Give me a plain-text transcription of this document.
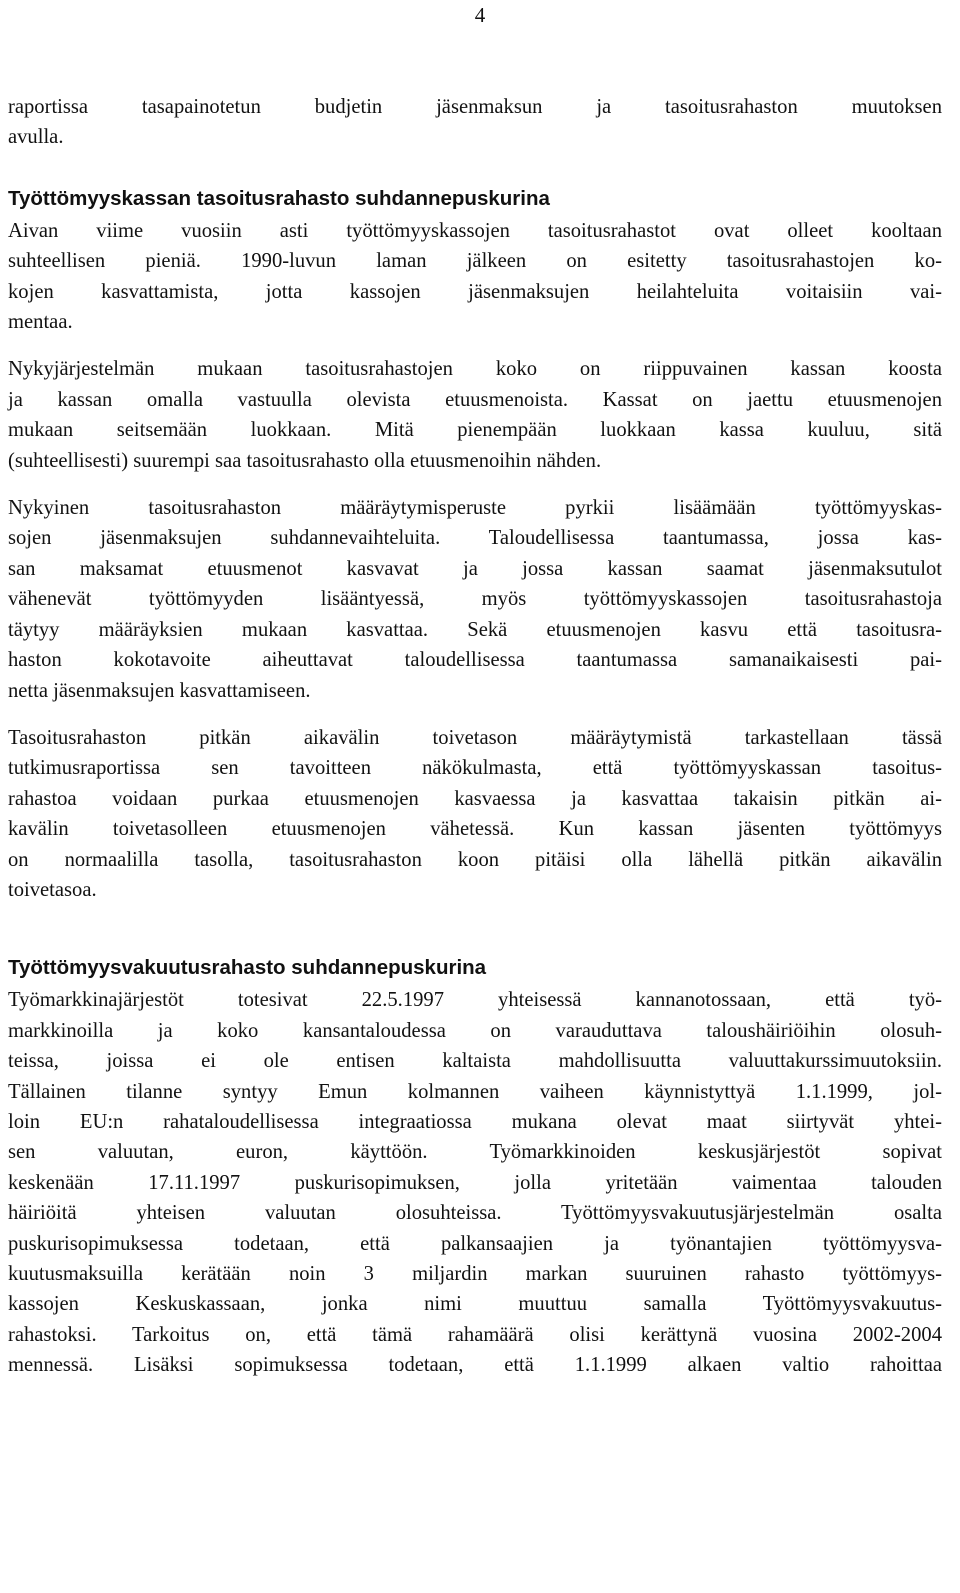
4

raportissa tasapainotetun budjetin jäsenmaksun ja tasoitusrahaston muutoksen
avulla.

Työttömyyskassan tasoitusrahasto suhdannepuskurina

Aivan viime vuosiin asti työttömyyskassojen tasoitusrahastot ovat olleet kooltaan
suhteellisen pieniä. 1990-luvun laman jälkeen on esitetty tasoitusrahastojen ko-
kojen kasvattamista, jotta kassojen jäsenmaksujen heilahteluita voitaisiin vai-
mentaa.

Nykyjärjestelmän mukaan tasoitusrahastojen koko on riippuvainen kassan koosta
ja kassan omalla vastuulla olevista etuusmenoista. Kassat on jaettu etuusmenojen
mukaan seitsemään luokkaan. Mitä pienempään luokkaan kassa kuuluu, sitä
(suhteellisesti) suurempi saa tasoitusrahasto olla etuusmenoihin nähden.

Nykyinen tasoitusrahaston määräytymisperuste pyrkii lisäämään työttömyyskas-
sojen jäsenmaksujen suhdannevaihteluita. Taloudellisessa taantumassa, jossa kas-
san maksamat etuusmenot kasvavat ja jossa kassan saamat jäsenmaksutulot
vähenevät työttömyyden lisääntyessä, myös työttömyyskassojen tasoitusrahastoja
täytyy määräyksien mukaan kasvattaa. Sekä etuusmenojen kasvu että tasoitusra-
haston kokotavoite aiheuttavat taloudellisessa taantumassa samanaikaisesti pai-
netta jäsenmaksujen kasvattamiseen.

Tasoitusrahaston pitkän aikavälin toivetason määräytymistä tarkastellaan tässä
tutkimusraportissa sen tavoitteen näkökulmasta, että työttömyyskassan tasoitus-
rahastoa voidaan purkaa etuusmenojen kasvaessa ja kasvattaa takaisin pitkän ai-
kavälin toivetasolleen etuusmenojen vähetessä. Kun kassan jäsenten työttömyys
on normaalilla tasolla, tasoitusrahaston koon pitäisi olla lähellä pitkän aikavälin
toivetasoa.

Työttömyysvakuutusrahasto suhdannepuskurina

Työmarkkinajärjestöt totesivat 22.5.1997 yhteisessä kannanotossaan, että työ-
markkinoilla ja koko kansantaloudessa on varauduttava taloushäiriöihin olosuh-
teissa, joissa ei ole entisen kaltaista mahdollisuutta valuuttakurssimuutoksiin.
Tällainen tilanne syntyy Emun kolmannen vaiheen käynnistyttyä 1.1.1999, jol-
loin EU:n rahataloudellisessa integraatiossa mukana olevat maat siirtyvät yhtei-
sen valuutan, euron, käyttöön. Työmarkkinoiden keskusjärjestöt sopivat
keskenään 17.11.1997 puskurisopimuksen, jolla yritetään vaimentaa talouden
häiriöitä yhteisen valuutan olosuhteissa. Työttömyysvakuutusjärjestelmän osalta
puskurisopimuksessa todetaan, että palkansaajien ja työnantajien työttömyysva-
kuutusmaksuilla kerätään noin 3 miljardin markan suuruinen rahasto työttömyys-
kassojen Keskuskassaan, jonka nimi muuttuu samalla Työttömyysvakuutus-
rahastoksi. Tarkoitus on, että tämä rahamäärä olisi kerättynä vuosina 2002-2004
mennessä. Lisäksi sopimuksessa todetaan, että 1.1.1999 alkaen valtio rahoittaa
